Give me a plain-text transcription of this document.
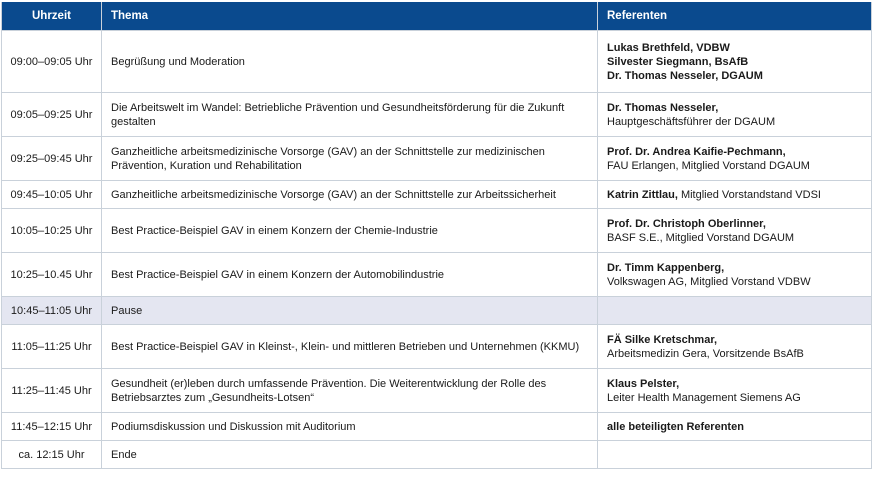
Uhrzeit	Thema	Referenten
09:00–09:05 Uhr	Begrüßung und Moderation	Lukas Brethfeld, VDBW
Silvester Siegmann, BsAfB
Dr. Thomas Nesseler, DGAUM

09:05–09:25 Uhr	Die Arbeitswelt im Wandel: Betriebliche Prävention und Gesundheitsförderung für die Zukunft gestalten	Dr. Thomas Nesseler,
Hauptgeschäftsführer der DGAUM

09:25–09:45 Uhr	Ganzheitliche arbeitsmedizinische Vorsorge (GAV) an der Schnittstelle zur medizinischen Prävention, Kuration und Rehabilitation	Prof. Dr. Andrea Kaifie-Pechmann,
FAU Erlangen, Mitglied Vorstand DGAUM

09:45–10:05 Uhr	Ganzheitliche arbeitsmedizinische Vorsorge (GAV) an der Schnittstelle zur Arbeitssicherheit	Katrin Zittlau, Mitglied Vorstandstand VDSI

10:05–10:25 Uhr	Best Practice-Beispiel GAV in einem Konzern der Chemie-Industrie	Prof. Dr. Christoph Oberlinner,
BASF S.E., Mitglied Vorstand DGAUM

10:25–10.45 Uhr	Best Practice-Beispiel GAV in einem Konzern der Automobilindustrie	Dr. Timm Kappenberg,
Volkswagen AG, Mitglied Vorstand VDBW

10:45–11:05 Uhr	Pause	
11:05–11:25 Uhr	Best Practice-Beispiel GAV in Kleinst-, Klein- und mittleren Betrieben und Unternehmen (KKMU)	FÄ Silke Kretschmar,
Arbeitsmedizin Gera, Vorsitzende BsAfB

11:25–11:45 Uhr	Gesundheit (er)leben durch umfassende Prävention. Die Weiterentwicklung der Rolle des Betriebsarztes zum „Gesundheits-Lotsen“	Klaus Pelster,
Leiter Health Management Siemens AG

11:45–12:15 Uhr	Podiumsdiskussion und Diskussion mit Auditorium	alle beteiligten Referenten

ca. 12:15 Uhr	Ende	
